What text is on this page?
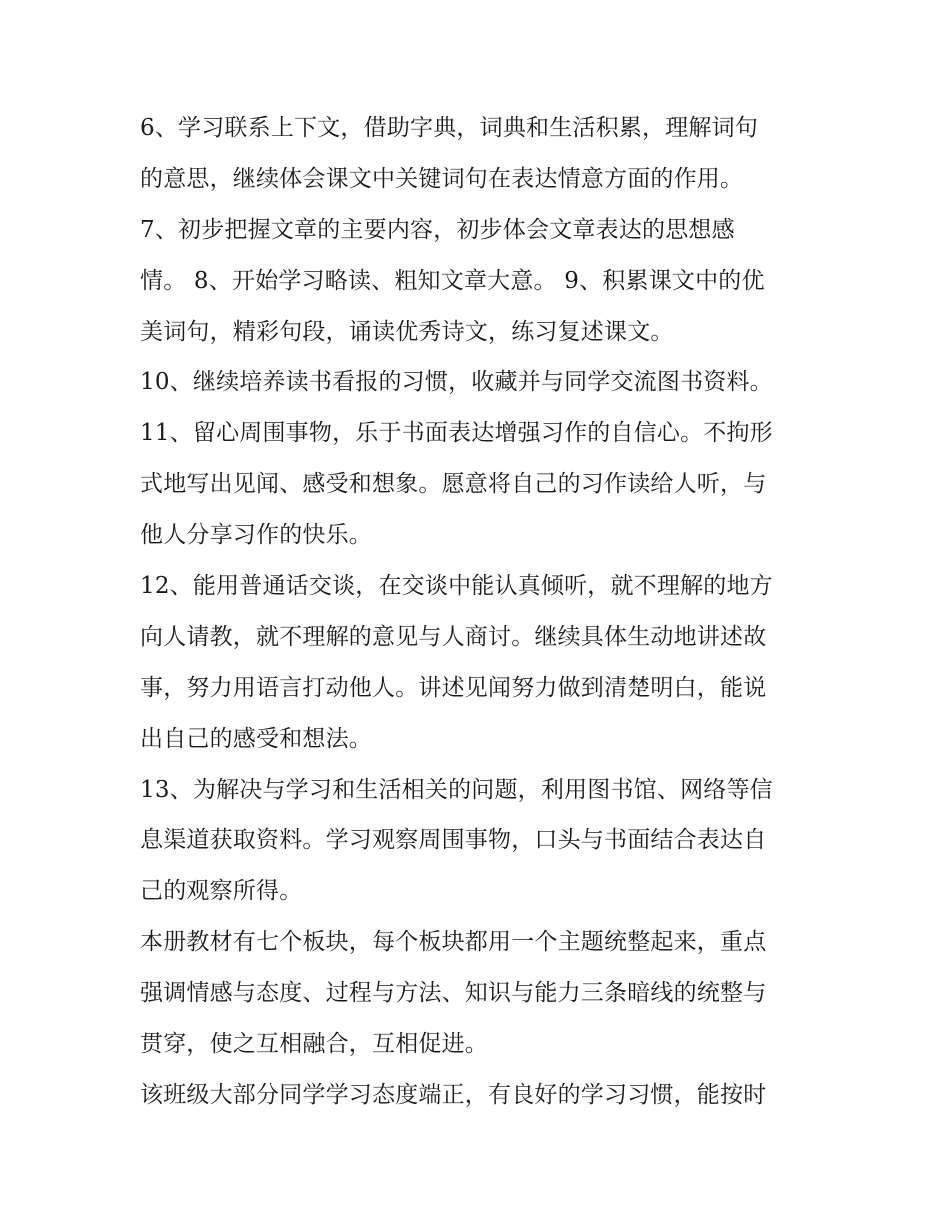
6、学习联系上下文，借助字典，词典和生活积累，理解词句
的意思，继续体会课文中关键词句在表达情意方面的作用。
7、初步把握文章的主要内容，初步体会文章表达的思想感
情。 8、开始学习略读、粗知文章大意。 9、积累课文中的优
美词句，精彩句段，诵读优秀诗文，练习复述课文。
10、继续培养读书看报的习惯，收藏并与同学交流图书资料。
11、留心周围事物，乐于书面表达增强习作的自信心。不拘形
式地写出见闻、感受和想象。愿意将自己的习作读给人听，与
他人分享习作的快乐。
12、能用普通话交谈，在交谈中能认真倾听，就不理解的地方
向人请教，就不理解的意见与人商讨。继续具体生动地讲述故
事，努力用语言打动他人。讲述见闻努力做到清楚明白，能说
出自己的感受和想法。
13、为解决与学习和生活相关的问题，利用图书馆、网络等信
息渠道获取资料。学习观察周围事物，口头与书面结合表达自
己的观察所得。
本册教材有七个板块，每个板块都用一个主题统整起来，重点
强调情感与态度、过程与方法、知识与能力三条暗线的统整与
贯穿，使之互相融合，互相促进。
该班级大部分同学学习态度端正，有良好的学习习惯，能按时
